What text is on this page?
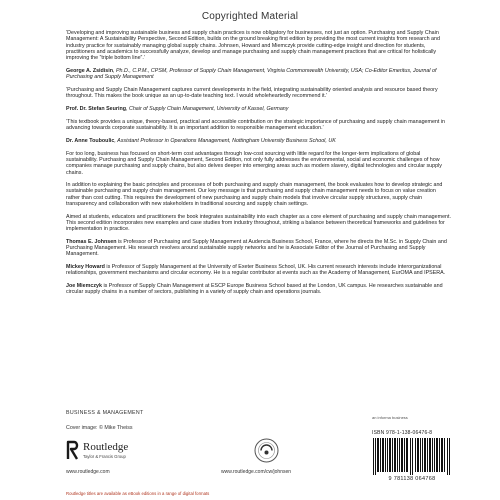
Copyrighted Material

‘Developing and improving sustainable business and supply chain practices is now obligatory for businesses, not just an option. Purchasing and Supply Chain Management: A Sustainability Perspective, Second Edition, builds on the ground breaking first edition by providing the most current insights from research and industry practice for sustainably managing global supply chains. Johnsen, Howard and Miemczyk provide cutting-edge insight and direction for students, practitioners and academics to successfully analyze, develop and manage purchasing and supply chain management practices that are critical for holistically improving the “triple bottom line”.’

George A. Zsidisin, Ph.D., C.P.M., CPSM, Professor of Supply Chain Management, Virginia Commonwealth University, USA; Co-Editor Emeritus, Journal of Purchasing and Supply Management

‘Purchasing and Supply Chain Management captures current developments in the field, integrating sustainability oriented analysis and resource based theory throughout. This makes the book unique as an up-to-date teaching text. I would wholeheartedly recommend it.’

Prof. Dr. Stefan Seuring, Chair of Supply Chain Management, University of Kassel, Germany

‘This textbook provides a unique, theory-based, practical and accessible contribution on the strategic importance of purchasing and supply chain management in advancing towards corporate sustainability. It is an important addition to responsible management education.’

Dr. Anne Touboulic, Assistant Professor in Operations Management, Nottingham University Business School, UK

For too long, business has focused on short-term cost advantages through low-cost sourcing with little regard for the longer-term implications of global sustainability. Purchasing and Supply Chain Management, Second Edition, not only fully addresses the environmental, social and economic challenges of how companies manage purchasing and supply chains, but also delves deeper into emerging areas such as modern slavery, digital technologies and circular supply chains.

In addition to explaining the basic principles and processes of both purchasing and supply chain management, the book evaluates how to develop strategic and sustainable purchasing and supply chain management. Our key message is that purchasing and supply chain management needs to focus on value creation rather than cost cutting. This requires the development of new purchasing and supply chain models that involve circular supply structures, supply chain transparency and collaboration with new stakeholders in traditional sourcing and supply chain settings.

Aimed at students, educators and practitioners the book integrates sustainability into each chapter as a core element of purchasing and supply chain management. This second edition incorporates new examples and case studies from industry throughout, striking a balance between theoretical frameworks and guidelines for implementation in practice.

Thomas E. Johnsen is Professor of Purchasing and Supply Management at Audencia Business School, France, where he directs the M.Sc. in Supply Chain and Purchasing Management. His research revolves around sustainable supply networks and he is Associate Editor of the Journal of Purchasing and Supply Management.

Mickey Howard is Professor of Supply Management at the University of Exeter Business School, UK. His current research interests include interorganizational relationships, government mechanisms and circular economy. He is a regular contributor at events such as the Academy of Management, EurOMA and IPSERA.

Joe Miemczyk is Professor of Supply Chain Management at ESCP Europe Business School based at the London, UK campus. He researches sustainable and circular supply chains in a number of sectors, publishing in a variety of supply chain and operations journals.

BUSINESS & MANAGEMENT
Cover image: © Mike Theiss
Routledge
Taylor & Francis Group
www.routledge.com	www.routledge.com/cw/johnsen
an informa business
ISBN 978-1-138-06476-8
9 781138 064768
Routledge titles are available as eBook editions in a range of digital formats
